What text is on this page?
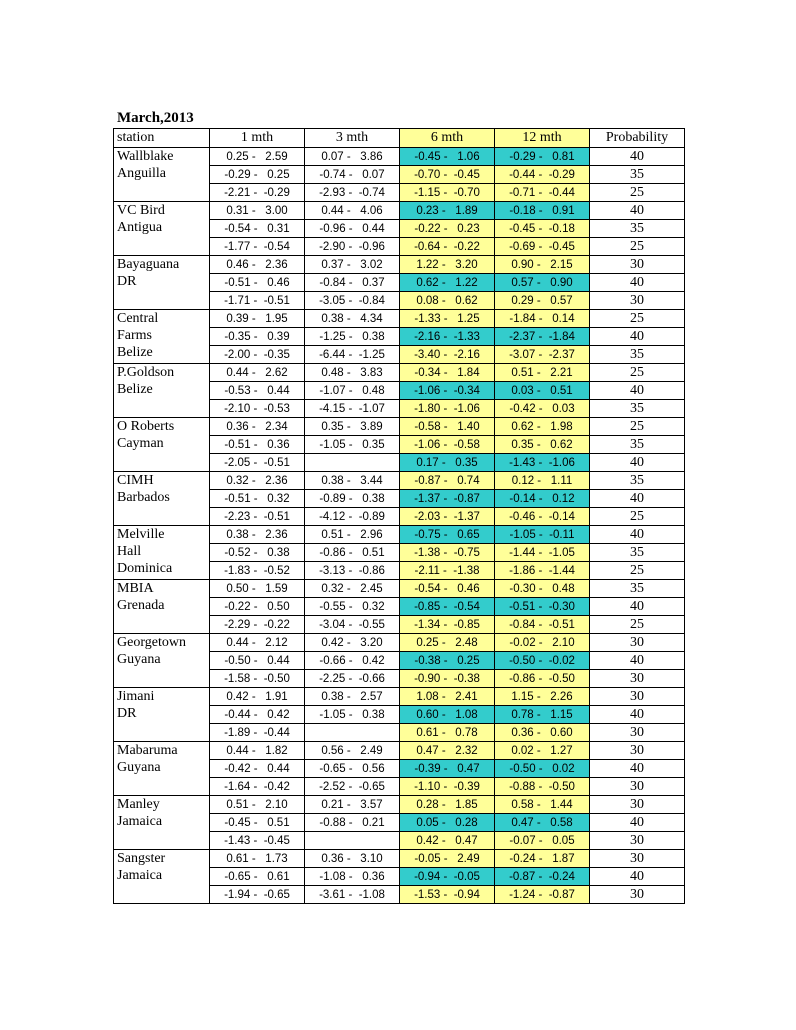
March,2013
station	1 mth	3 mth	6 mth	12 mth	Probability

Wallblake
Anguilla	0.25 -   2.59	0.07 -   3.86	-0.45 -   1.06	-0.29 -   0.81	40
	-0.29 -   0.25	-0.74 -   0.07	-0.70 -  -0.45	-0.44 -  -0.29	35
	-2.21 -  -0.29	-2.93 -  -0.74	-1.15 -  -0.70	-0.71 -  -0.44	25

VC Bird
Antigua	0.31 -   3.00	0.44 -   4.06	0.23 -   1.89	-0.18 -   0.91	40
	-0.54 -   0.31	-0.96 -   0.44	-0.22 -   0.23	-0.45 -  -0.18	35
	-1.77 -  -0.54	-2.90 -  -0.96	-0.64 -  -0.22	-0.69 -  -0.45	25

Bayaguana
DR	0.46 -   2.36	0.37 -   3.02	1.22 -   3.20	0.90 -   2.15	30
	-0.51 -   0.46	-0.84 -   0.37	0.62 -   1.22	0.57 -   0.90	40
	-1.71 -  -0.51	-3.05 -  -0.84	0.08 -   0.62	0.29 -   0.57	30

Central
Farms
Belize	0.39 -   1.95	0.38 -   4.34	-1.33 -   1.25	-1.84 -   0.14	25
	-0.35 -   0.39	-1.25 -   0.38	-2.16 -  -1.33	-2.37 -  -1.84	40
	-2.00 -  -0.35	-6.44 -  -1.25	-3.40 -  -2.16	-3.07 -  -2.37	35

P.Goldson
Belize	0.44 -   2.62	0.48 -   3.83	-0.34 -   1.84	0.51 -   2.21	25
	-0.53 -   0.44	-1.07 -   0.48	-1.06 -  -0.34	0.03 -   0.51	40
	-2.10 -  -0.53	-4.15 -  -1.07	-1.80 -  -1.06	-0.42 -   0.03	35

O Roberts
Cayman	0.36 -   2.34	0.35 -   3.89	-0.58 -   1.40	0.62 -   1.98	25
	-0.51 -   0.36	-1.05 -   0.35	-1.06 -  -0.58	0.35 -   0.62	35
	-2.05 -  -0.51		0.17 -   0.35	-1.43 -  -1.06	40

CIMH
Barbados	0.32 -   2.36	0.38 -   3.44	-0.87 -   0.74	0.12 -   1.11	35
	-0.51 -   0.32	-0.89 -   0.38	-1.37 -  -0.87	-0.14 -   0.12	40
	-2.23 -  -0.51	-4.12 -  -0.89	-2.03 -  -1.37	-0.46 -  -0.14	25

Melville
Hall
Dominica	0.38 -   2.36	0.51 -   2.96	-0.75 -   0.65	-1.05 -  -0.11	40
	-0.52 -   0.38	-0.86 -   0.51	-1.38 -  -0.75	-1.44 -  -1.05	35
	-1.83 -  -0.52	-3.13 -  -0.86	-2.11 -  -1.38	-1.86 -  -1.44	25

MBIA
Grenada	0.50 -   1.59	0.32 -   2.45	-0.54 -   0.46	-0.30 -   0.48	35
	-0.22 -   0.50	-0.55 -   0.32	-0.85 -  -0.54	-0.51 -  -0.30	40
	-2.29 -  -0.22	-3.04 -  -0.55	-1.34 -  -0.85	-0.84 -  -0.51	25

Georgetown
Guyana	0.44 -   2.12	0.42 -   3.20	0.25 -   2.48	-0.02 -   2.10	30
	-0.50 -   0.44	-0.66 -   0.42	-0.38 -   0.25	-0.50 -  -0.02	40
	-1.58 -  -0.50	-2.25 -  -0.66	-0.90 -  -0.38	-0.86 -  -0.50	30

Jimani
DR	0.42 -   1.91	0.38 -   2.57	1.08 -   2.41	1.15 -   2.26	30
	-0.44 -   0.42	-1.05 -   0.38	0.60 -   1.08	0.78 -   1.15	40
	-1.89 -  -0.44		0.61 -   0.78	0.36 -   0.60	30

Mabaruma
Guyana	0.44 -   1.82	0.56 -   2.49	0.47 -   2.32	0.02 -   1.27	30
	-0.42 -   0.44	-0.65 -   0.56	-0.39 -   0.47	-0.50 -   0.02	40
	-1.64 -  -0.42	-2.52 -  -0.65	-1.10 -  -0.39	-0.88 -  -0.50	30

Manley
Jamaica	0.51 -   2.10	0.21 -   3.57	0.28 -   1.85	0.58 -   1.44	30
	-0.45 -   0.51	-0.88 -   0.21	0.05 -   0.28	0.47 -   0.58	40
	-1.43 -  -0.45		0.42 -   0.47	-0.07 -   0.05	30

Sangster
Jamaica	0.61 -   1.73	0.36 -   3.10	-0.05 -   2.49	-0.24 -   1.87	30
	-0.65 -   0.61	-1.08 -   0.36	-0.94 -  -0.05	-0.87 -  -0.24	40
	-1.94 -  -0.65	-3.61 -  -1.08	-1.53 -  -0.94	-1.24 -  -0.87	30
